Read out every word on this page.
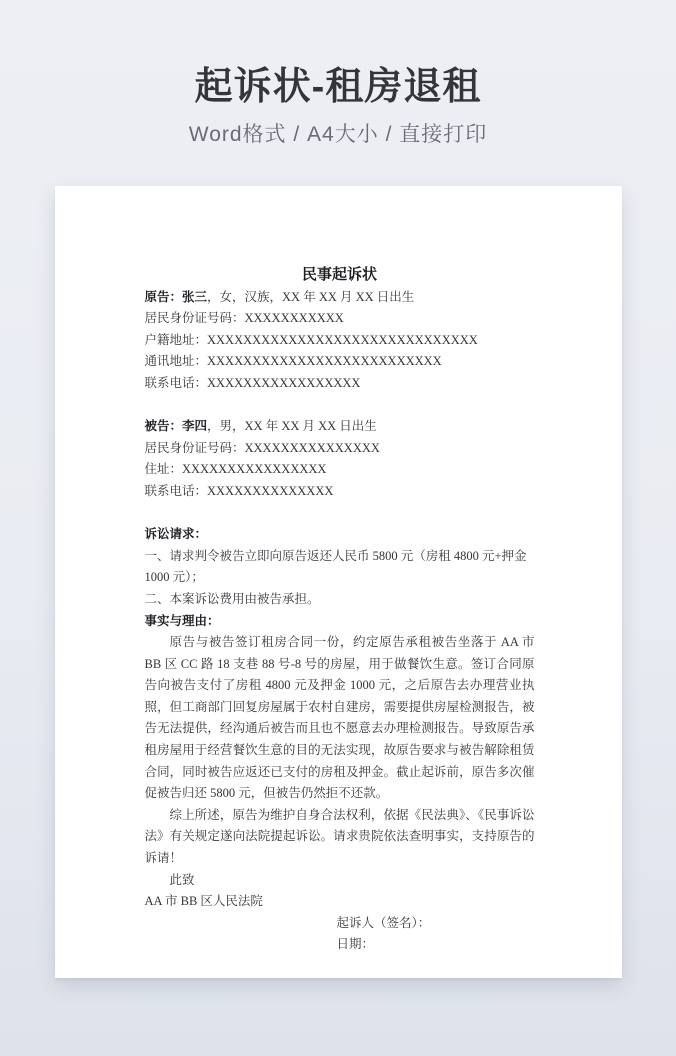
起诉状-租房退租
Word格式 / A4大小 / 直接打印

民事起诉状

原告：张三，女，汉族，XX 年 XX 月 XX 日出生

居民身份证号码：XXXXXXXXXXX

户籍地址：XXXXXXXXXXXXXXXXXXXXXXXXXXXXXX

通讯地址：XXXXXXXXXXXXXXXXXXXXXXXXXX

联系电话：XXXXXXXXXXXXXXXXX

被告：李四，男，XX 年 XX 月 XX 日出生

居民身份证号码：XXXXXXXXXXXXXXX

住址：XXXXXXXXXXXXXXXX

联系电话：XXXXXXXXXXXXXX

诉讼请求：

一、请求判令被告立即向原告返还人民币 5800 元（房租 4800 元+押金 1000 元）；

二、本案诉讼费用由被告承担。

事实与理由：

原告与被告签订租房合同一份，约定原告承租被告坐落于 AA 市 BB 区 CC 路 18 支巷 88 号-8 号的房屋，用于做餐饮生意。签订合同原告向被告支付了房租 4800 元及押金 1000 元，之后原告去办理营业执照，但工商部门回复房屋属于农村自建房，需要提供房屋检测报告，被告无法提供，经沟通后被告而且也不愿意去办理检测报告。导致原告承租房屋用于经营餐饮生意的目的无法实现，故原告要求与被告解除租赁合同，同时被告应返还已支付的房租及押金。截止起诉前，原告多次催促被告归还 5800 元，但被告仍然拒不还款。

综上所述，原告为维护自身合法权利，依据《民法典》、《民事诉讼法》有关规定遂向法院提起诉讼。请求贵院依法查明事实，支持原告的诉请！

此致

AA 市 BB 区人民法院

起诉人（签名）：

日期：
